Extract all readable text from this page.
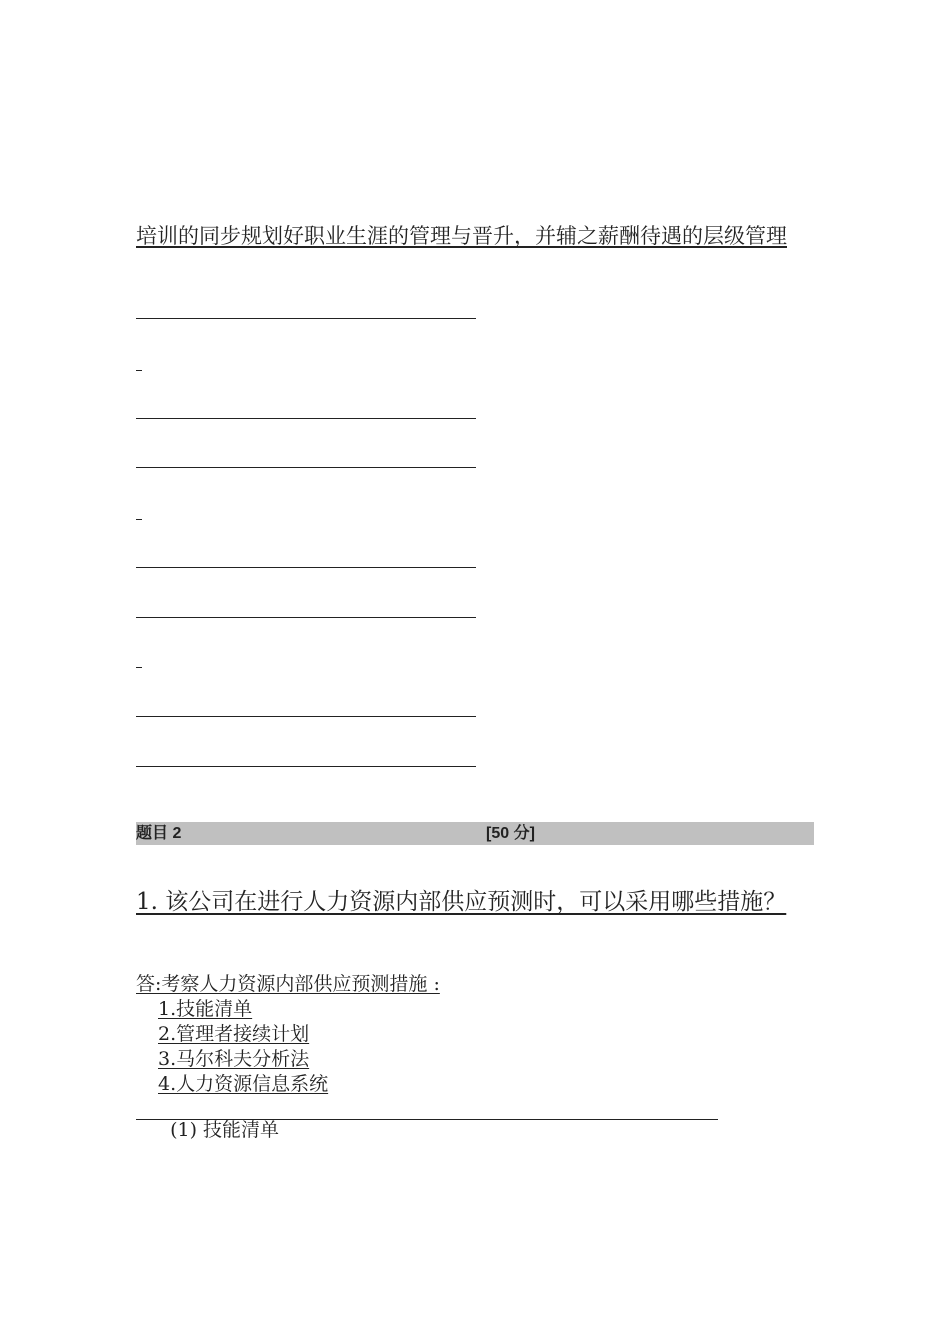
培训的同步规划好职业生涯的管理与晋升，并辅之薪酬待遇的层级管理

题目 2	[50 分]

1. 该公司在进行人力资源内部供应预测时，可以采用哪些措施？

答:考察人力资源内部供应预测措施 :
1.技能清单
2.管理者接续计划
3.马尔科夫分析法
4.人力资源信息系统

(1) 技能清单
